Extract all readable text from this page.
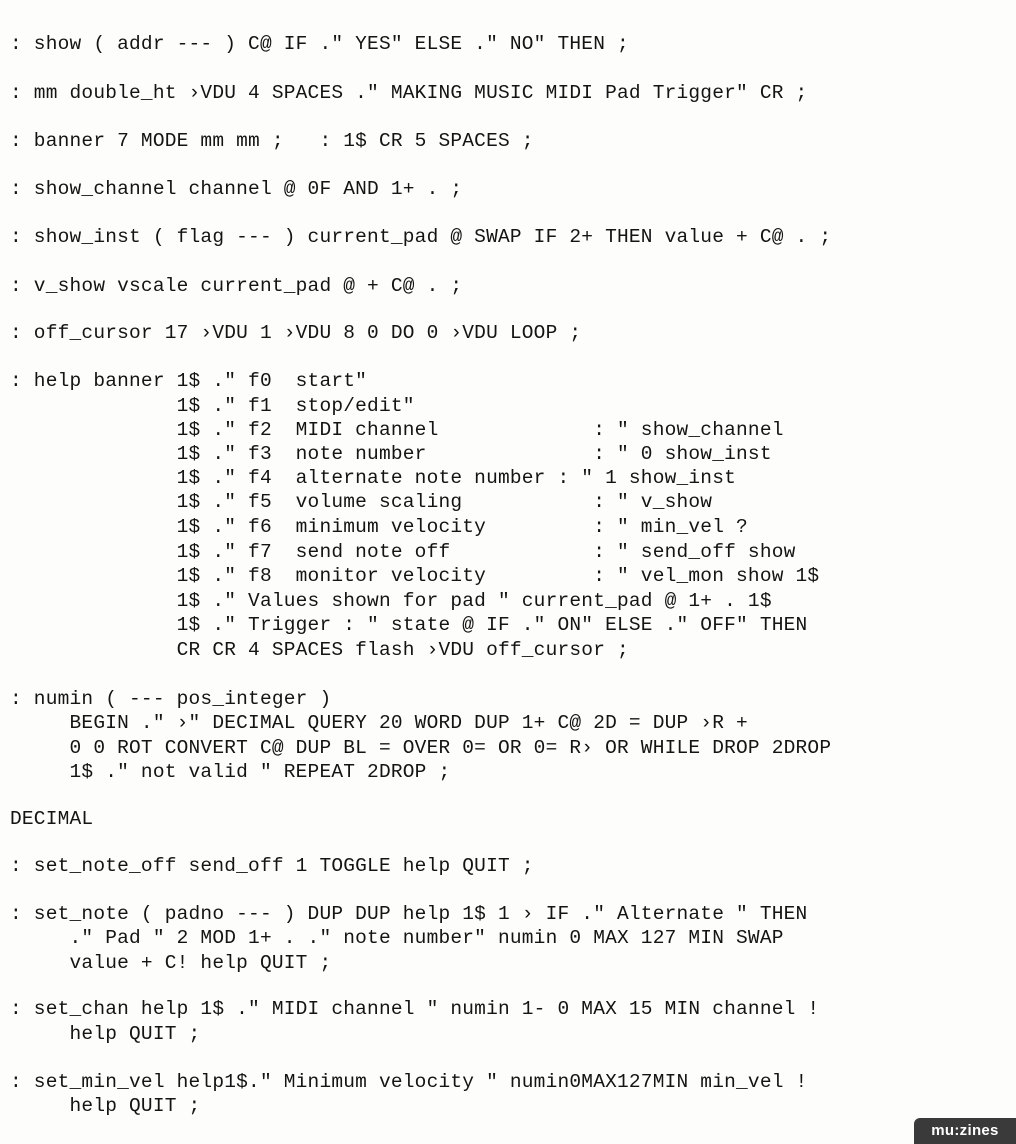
: show ( addr --- ) C@ IF ." YES" ELSE ." NO" THEN ;
: mm double_ht ›VDU 4 SPACES ." MAKING MUSIC MIDI Pad Trigger" CR ;
: banner 7 MODE mm mm ;   : 1$ CR 5 SPACES ;
: show_channel channel @ 0F AND 1+ . ;
: show_inst ( flag --- ) current_pad @ SWAP IF 2+ THEN value + C@ . ;
: v_show vscale current_pad @ + C@ . ;
: off_cursor 17 ›VDU 1 ›VDU 8 0 DO 0 ›VDU LOOP ;
: help banner 1$ ." f0  start"
1$ ." f1  stop/edit"
1$ ." f2  MIDI channel             : " show_channel
1$ ." f3  note number              : " 0 show_inst
1$ ." f4  alternate note number : " 1 show_inst
1$ ." f5  volume scaling           : " v_show
1$ ." f6  minimum velocity         : " min_vel ?
1$ ." f7  send note off            : " send_off show
1$ ." f8  monitor velocity         : " vel_mon show 1$
1$ ." Values shown for pad " current_pad @ 1+ . 1$
1$ ." Trigger : " state @ IF ." ON" ELSE ." OFF" THEN
CR CR 4 SPACES flash ›VDU off_cursor ;
: numin ( --- pos_integer )
BEGIN ." ›" DECIMAL QUERY 20 WORD DUP 1+ C@ 2D = DUP ›R +
0 0 ROT CONVERT C@ DUP BL = OVER 0= OR 0= R› OR WHILE DROP 2DROP
1$ ." not valid " REPEAT 2DROP ;
DECIMAL
: set_note_off send_off 1 TOGGLE help QUIT ;
: set_note ( padno --- ) DUP DUP help 1$ 1 › IF ." Alternate " THEN
." Pad " 2 MOD 1+ . ." note number" numin 0 MAX 127 MIN SWAP
value + C! help QUIT ;
: set_chan help 1$ ." MIDI channel " numin 1- 0 MAX 15 MIN channel !
help QUIT ;
: set_min_vel help1$." Minimum velocity " numin0MAX127MIN min_vel !
help QUIT ;
mu:zines
